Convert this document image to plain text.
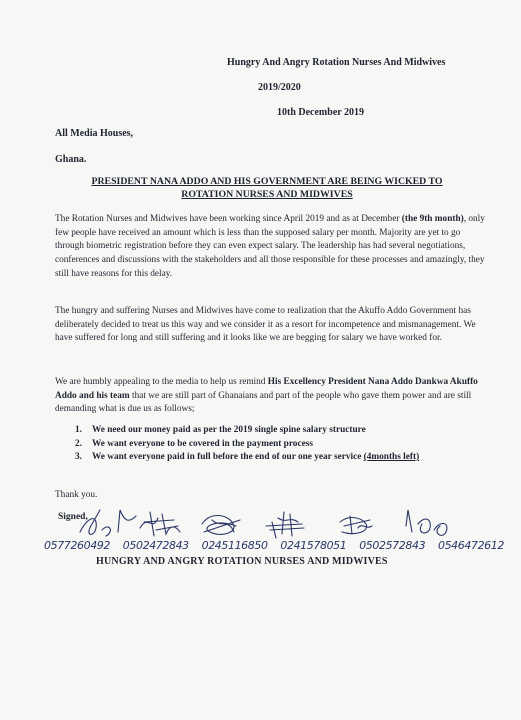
Hungry And Angry Rotation Nurses And Midwives
2019/2020
10th December 2019
All Media Houses,
Ghana.
PRESIDENT NANA ADDO AND HIS GOVERNMENT ARE BEING WICKED TO
ROTATION NURSES AND MIDWIVES
The Rotation Nurses and Midwives have been working since April 2019 and as at December (the 9th month), only few people have received an amount which is less than the supposed salary per month. Majority are yet to go through biometric registration before they can even expect salary. The leadership has had several negotiations, conferences and discussions with the stakeholders and all those responsible for these processes and amazingly, they still have reasons for this delay.
The hungry and suffering Nurses and Midwives have come to realization that the Akuffo Addo Government has deliberately decided to treat us this way and we consider it as a resort for incompetence and mismanagement. We have suffered for long and still suffering and it looks like we are begging for salary we have worked for.
We are humbly appealing to the media to help us remind His Excellency President Nana Addo Dankwa Akuffo Addo and his team that we are still part of Ghanaians and part of the people who gave them power and are still demanding what is due us as follows;
1. We need our money paid as per the 2019 single spine salary structure
2. We want everyone to be covered in the payment process
3. We want everyone paid in full before the end of our one year service (4months left)
Thank you.
Signed,
0577260492 0502472843 0245116850 0241578051 0502572843 0546472612
HUNGRY AND ANGRY ROTATION NURSES AND MIDWIVES
